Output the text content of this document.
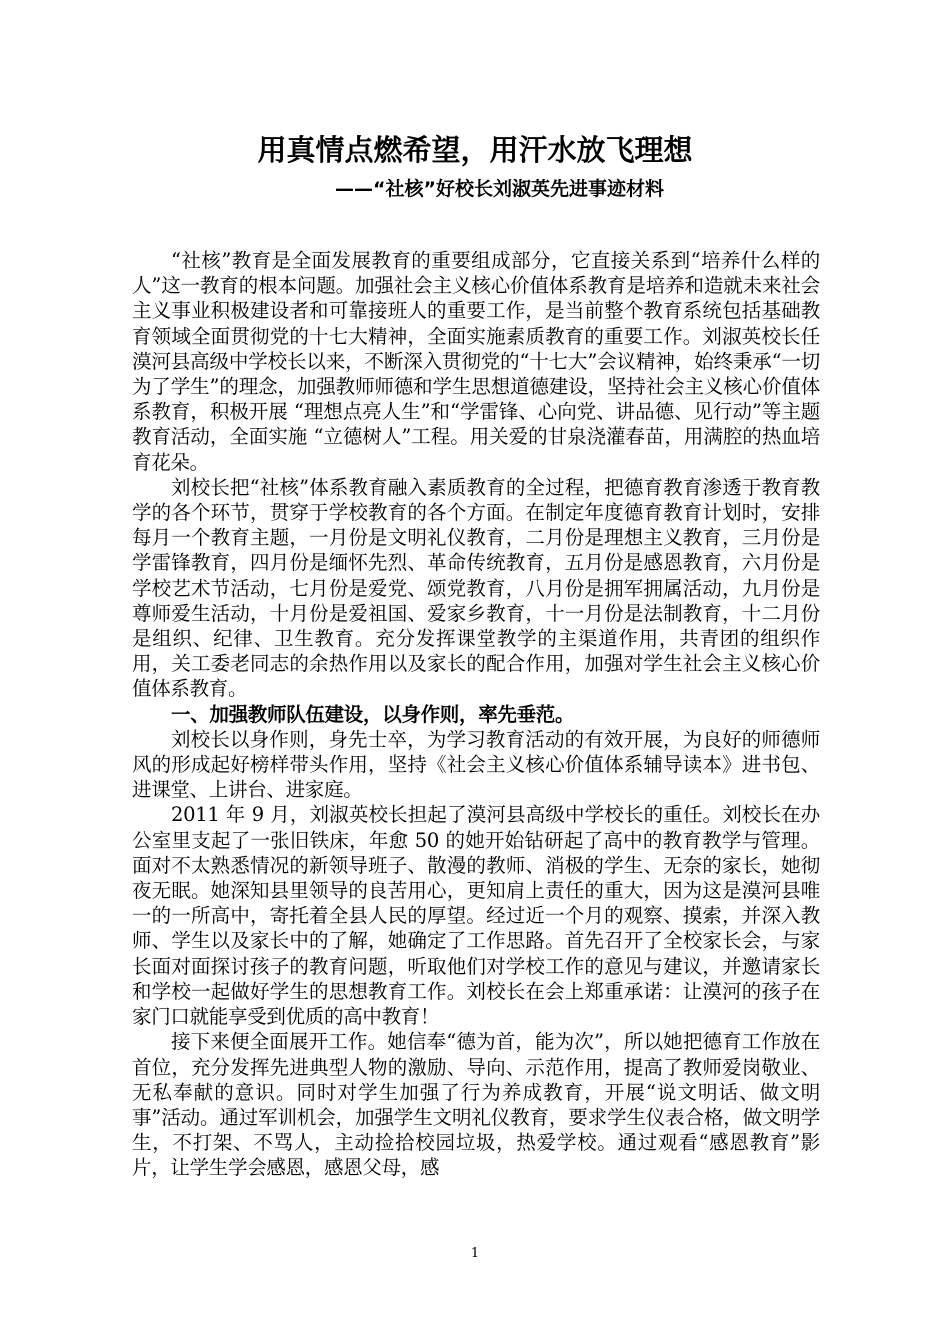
用真情点燃希望，用汗水放飞理想

——“社核”好校长刘淑英先进事迹材料

“社核”教育是全面发展教育的重要组成部分，它直接关系到“培养什么样的人”这一教育的根本问题。加强社会主义核心价值体系教育是培养和造就未来社会主义事业积极建设者和可靠接班人的重要工作，是当前整个教育系统包括基础教育领域全面贯彻党的十七大精神，全面实施素质教育的重要工作。刘淑英校长任漠河县高级中学校长以来，不断深入贯彻党的“十七大”会议精神，始终秉承“一切为了学生”的理念，加强教师师德和学生思想道德建设，坚持社会主义核心价值体系教育，积极开展 “理想点亮人生”和“学雷锋、心向党、讲品德、见行动”等主题教育活动，全面实施 “立德树人”工程。用关爱的甘泉浇灌春苗，用满腔的热血培育花朵。

刘校长把“社核”体系教育融入素质教育的全过程，把德育教育渗透于教育教学的各个环节，贯穿于学校教育的各个方面。在制定年度德育教育计划时，安排每月一个教育主题，一月份是文明礼仪教育，二月份是理想主义教育，三月份是学雷锋教育，四月份是缅怀先烈、革命传统教育，五月份是感恩教育，六月份是学校艺术节活动，七月份是爱党、颂党教育，八月份是拥军拥属活动，九月份是尊师爱生活动，十月份是爱祖国、爱家乡教育，十一月份是法制教育，十二月份是组织、纪律、卫生教育。充分发挥课堂教学的主渠道作用，共青团的组织作用，关工委老同志的余热作用以及家长的配合作用，加强对学生社会主义核心价值体系教育。

一、加强教师队伍建设，以身作则，率先垂范。

刘校长以身作则，身先士卒，为学习教育活动的有效开展，为良好的师德师风的形成起好榜样带头作用，坚持《社会主义核心价值体系辅导读本》进书包、进课堂、上讲台、进家庭。

2011 年 9 月，刘淑英校长担起了漠河县高级中学校长的重任。刘校长在办公室里支起了一张旧铁床，年愈 50 的她开始钻研起了高中的教育教学与管理。面对不太熟悉情况的新领导班子、散漫的教师、消极的学生、无奈的家长，她彻夜无眠。她深知县里领导的良苦用心，更知肩上责任的重大，因为这是漠河县唯一的一所高中，寄托着全县人民的厚望。经过近一个月的观察、摸索，并深入教师、学生以及家长中的了解，她确定了工作思路。首先召开了全校家长会，与家长面对面探讨孩子的教育问题，听取他们对学校工作的意见与建议，并邀请家长和学校一起做好学生的思想教育工作。刘校长在会上郑重承诺：让漠河的孩子在家门口就能享受到优质的高中教育！

接下来便全面展开工作。她信奉“德为首，能为次”，所以她把德育工作放在首位，充分发挥先进典型人物的激励、导向、示范作用，提高了教师爱岗敬业、无私奉献的意识。同时对学生加强了行为养成教育，开展“说文明话、做文明事”活动。通过军训机会，加强学生文明礼仪教育，要求学生仪表合格，做文明学生，不打架、不骂人，主动捡拾校园垃圾，热爱学校。通过观看“感恩教育”影片，让学生学会感恩，感恩父母，感

1
